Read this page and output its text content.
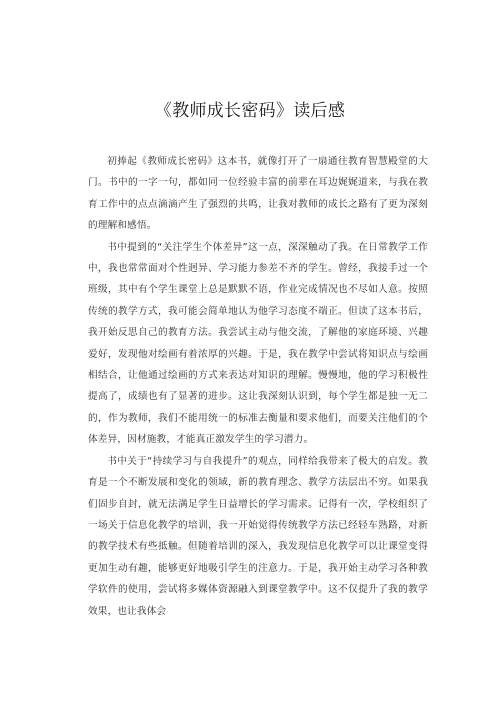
《教师成长密码》读后感

初捧起《教师成长密码》这本书，就像打开了一扇通往教育智慧殿堂的大门。书中的一字一句，都如同一位经验丰富的前辈在耳边娓娓道来，与我在教育工作中的点点滴滴产生了强烈的共鸣，让我对教师的成长之路有了更为深刻的理解和感悟。

书中提到的“关注学生个体差异”这一点，深深触动了我。在日常教学工作中，我也常常面对个性迥异、学习能力参差不齐的学生。曾经，我接手过一个班级，其中有个学生课堂上总是默默不语，作业完成情况也不尽如人意。按照传统的教学方式，我可能会简单地认为他学习态度不端正。但读了这本书后，我开始反思自己的教育方法。我尝试主动与他交流，了解他的家庭环境、兴趣爱好，发现他对绘画有着浓厚的兴趣。于是，我在教学中尝试将知识点与绘画相结合，让他通过绘画的方式来表达对知识的理解。慢慢地，他的学习积极性提高了，成绩也有了显著的进步。这让我深刻认识到，每个学生都是独一无二的，作为教师，我们不能用统一的标准去衡量和要求他们，而要关注他们的个体差异，因材施教，才能真正激发学生的学习潜力。

书中关于“持续学习与自我提升”的观点，同样给我带来了极大的启发。教育是一个不断发展和变化的领域，新的教育理念、教学方法层出不穷。如果我们固步自封，就无法满足学生日益增长的学习需求。记得有一次，学校组织了一场关于信息化教学的培训，我一开始觉得传统教学方法已经轻车熟路，对新的教学技术有些抵触。但随着培训的深入，我发现信息化教学可以让课堂变得更加生动有趣，能够更好地吸引学生的注意力。于是，我开始主动学习各种教学软件的使用，尝试将多媒体资源融入到课堂教学中。这不仅提升了我的教学效果，也让我体会
